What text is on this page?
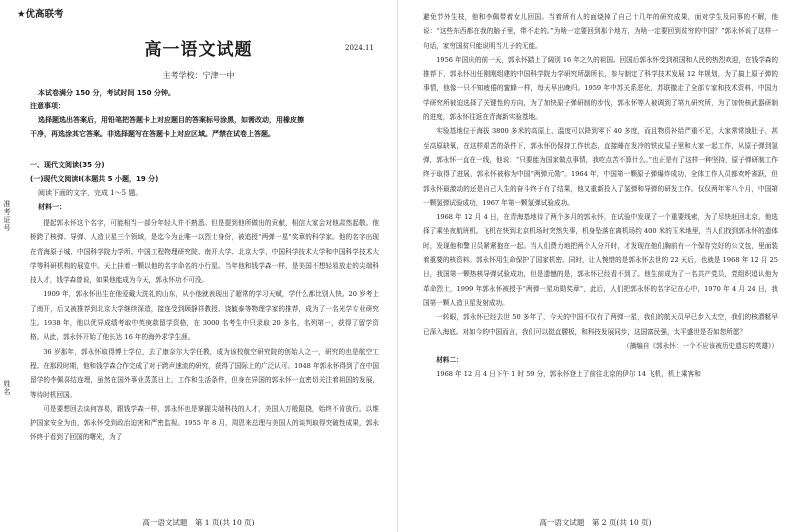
★优高联考
高一语文试题	2024.11
主考学校：宁津一中
本试卷满分 150 分，考试时间 150 分钟。
注意事项：
选择题选出答案后，用铅笔把答题卡上对应题目的答案标号涂黑，如需改动，用橡皮擦
干净，再选涂其它答案。非选择题写在答题卡上对应区域。严禁在试卷上答题。
一、现代文阅读(35 分)
(一)现代文阅读Ⅰ(本题共 5 小题，19 分)
阅读下面的文字，完成 1～5 题。
材料一：

提起郭永怀这个名字，可能相当一部分年轻人并不熟悉。但是提到他所做出的贡献，相信大家会对他肃然起敬。他桥跨了核弹、导弹、人造卫星三个领域，是迄今为止唯一以烈士身份，被追授“两弹一星”奖章的科学家。他的名字出现在青海原子城、中国科学院力学所、中国工程物理研究院、南开大学、北京大学、中国科学技术大学和中国科学技术大学等科研机构的展览中。天上挂着一颗以他的名字命名的小行星。当年他和钱学森一样，是美国不想轻易放走的尖端科技人才，钱学森曾说，如果他能成为今天，郭永怀功不可没。

1909 年，郭永怀出生在他爱戴大洗礼的山东，从小他就表现出了超常的学习天赋，学什么都比别人快。20 岁考上了南开，后又被推荐到北京大学继续深造，接连受到顾静祥教授、饶毓泰等物理学家的推荐，成为了一名光学专业研究生。1938 年，他以优异成绩考取中英庚款留学资格，在 3000 名考生中只录取 20 多名，名列第一，获得了留学资格。从此，郭永怀开始了他长达 16 年的海外求学生涯。

36 岁那年，郭永怀取得博士学位，去了康奈尔大学任教，成为该校航空研究院的创始人之一，研究的也是航空工程。在那段时期，他和钱学森合作完成了对于跨声速流的研究，获得了国际上的广泛认可。1948 年郭永怀得到了在中国留学的李佩喜结连理，虽然在国外事业蒸蒸日上，工作和生活条件，但身在异国的郭永怀一直密切关注着祖国的发展，等待时机回国。

可是要想回去谈何容易，跟钱学森一样，郭永怀也是掌握尖端科技的人才，美国人万般阻挠，始终不肯放行。以维护国家安全为由，郭永怀受到政治迫害和严密监视。1955 年 8 月，周恩来总理与美国人的谈判取得突破性成果，郭永怀终于看到了回国的曙光，为了

准考证号
姓名
高一语文试题　第 1 页(共 10 页)

避免节外生枝，他和李佩带着女儿回国。当着所有人的面烧掉了自己十几年的研究成果，面对学生及同事的不解，他说：“这些东西都在我的脑子里，带不走的。”为啥一定要回到那个地方，为啥一定要回到贫穷的中国？”郭永怀说了这样一句话，家穷国贫只能说明当儿子的无能。

1956 年国庆的前一天，郭永怀踏上了阔别 16 年之久的祖国。回国后郭永怀受到祖国和人民的热烈欢迎，在钱学森的推荐下，郭永怀出任刚刚组建的中国科学院力学研究所副所长，参与制定了科学技术发展 12 年规划，为了搞上原子弹的事情，他像一只不知疲倦的蜜蜂一样，每天早出晚归。1959 年中苏关系恶化，苏联撤走了全部专家和技术资料，中国力学研究所被迫选择了关键性的方向，为了加快原子弹研制的步伐，郭永怀等人被调到了第九研究所，为了加快核武器研制的进度，郭永怀往返在青海新实验基地。

实验基地位于海拔 3800 多米的高原上，温度可以降到零下 40 多度，而且物资补给严重不足，大家常常饿肚子，甚至高原缺氧，在这样艰苦的条件下，郭永怀仍保持工作状态，直接睡在发冷的铁皮屋子里和大家一起工作，从原子弹到氢弹，郭永怀一直在一线，他说：“只要能为国家做点事情，我吃点苦不算什么。”也正是有了这样一种坚持，原子弹研制工作终于取得了进展，郭永怀被称为中国“两弹元勋”。1964 年，中国第一颗原子弹爆炸成功，全体工作人员都欢呼雀跃，但郭永怀最激动的还是自己人生的奋斗终于有了结果，他又重新投入了氢弹和导弹的研发工作。仅仅两年零八个月，中国第一颗氢弹试验成功，1967 年第一颗氢弹试验成功。

1968 年 12 月 4 日，在青海基地待了两个多月的郭永怀，在试验中发现了一个重要线索，为了尽快赶回北京，他选择了乘坐夜航班机。飞机在快到北京机场时突然失事，机身坠落在离机场约 400 米的玉米地里，当人们找到郭永怀的遗体时，发现他和警卫员紧紧抱在一起。当人们费力地把两个人分开时，才发现在他们胸前有一个保存完好的公文包，里面装着重要的核资料。郭永怀用生命保护了国家机密。同时，让人惋惜的是郭永怀去世的 22 天后，也就是 1968 年 12 月 25 日，我国第一颗热核导弹试验成功，但是遗憾的是，郭永怀已经看不到了。他生前成为了一名共产党员，党组织追认他为革命烈士，1999 年郭永怀被授予“两弹一星功勋奖章”，此后，人们把郭永怀的名字记在心中，1970 年 4 月 24 日，我国第一颗人造卫星发射成功。

一转眼，郭永怀已经去世 50 多年了，今天的中国不仅有了两弹一星，我们的航天员早已步入太空，我们的核潜艇早已深入海底。对如今的中国而言，我们可以挺直腰板，和科技发展同步，这国富民强，太平盛世是否如您所愿？

（摘编自《郭永怀：一个不应该被历史遗忘的英雄》）
材料二：

1968 年 12 月 4 日下午 1 时 59 分，郭永怀登上了前往北京的伊尔 14 飞机，机上乘客和

高一语文试题　第 2 页(共 10 页)
